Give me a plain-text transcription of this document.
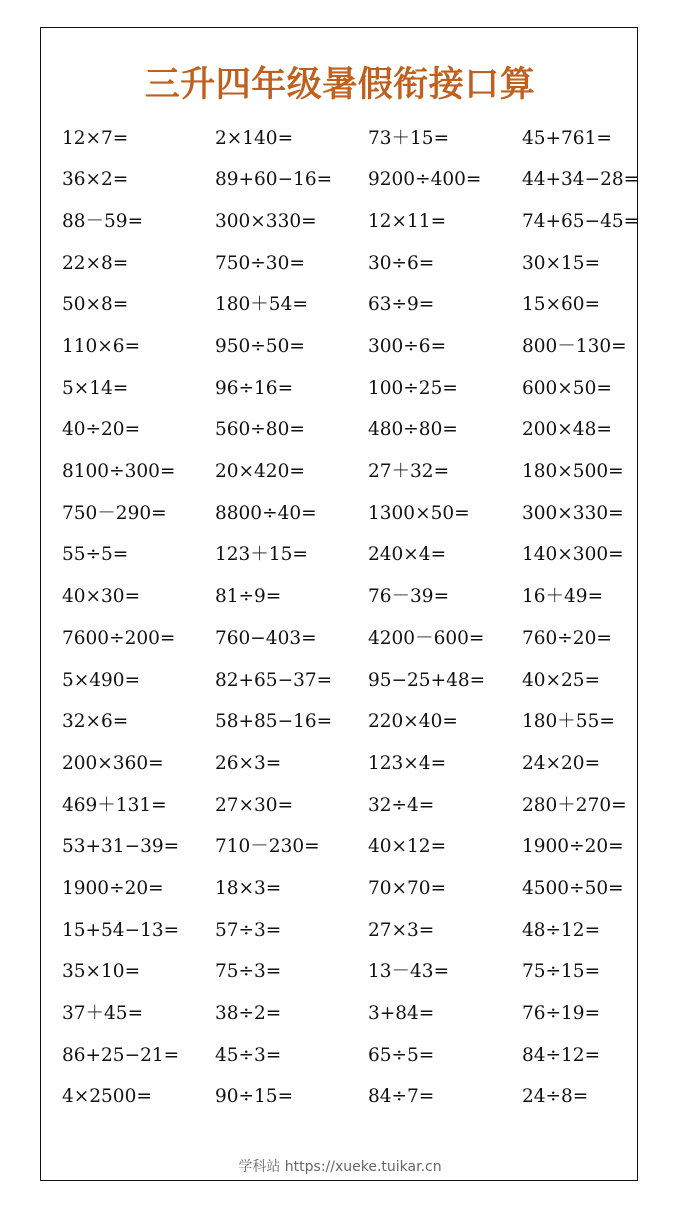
三升四年级暑假衔接口算
12×7=	2×140=	73＋15=	45+761=
36×2=	89+60−16=	9200÷400=	44+34−28=
88－59=	300×330=	12×11=	74+65−45=
22×8=	750÷30=	30÷6=	30×15=
50×8=	180＋54=	63÷9=	15×60=
110×6=	950÷50=	300÷6=	800－130=
5×14=	96÷16=	100÷25=	600×50=
40÷20=	560÷80=	480÷80=	200×48=
8100÷300=	20×420=	27＋32=	180×500=
750－290=	8800÷40=	1300×50=	300×330=
55÷5=	123＋15=	240×4=	140×300=
40×30=	81÷9=	76－39=	16＋49=
7600÷200=	760−403=	4200－600=	760÷20=
5×490=	82+65−37=	95−25+48=	40×25=
32×6=	58+85−16=	220×40=	180＋55=
200×360=	26×3=	123×4=	24×20=
469＋131=	27×30=	32÷4=	280＋270=
53+31−39=	710－230=	40×12=	1900÷20=
1900÷20=	18×3=	70×70=	4500÷50=
15+54−13=	57÷3=	27×3=	48÷12=
35×10=	75÷3=	13－43=	75÷15=
37＋45=	38÷2=	3+84=	76÷19=
86+25−21=	45÷3=	65÷5=	84÷12=
4×2500=	90÷15=	84÷7=	24÷8=
学科站 https://xueke.tuikar.cn
